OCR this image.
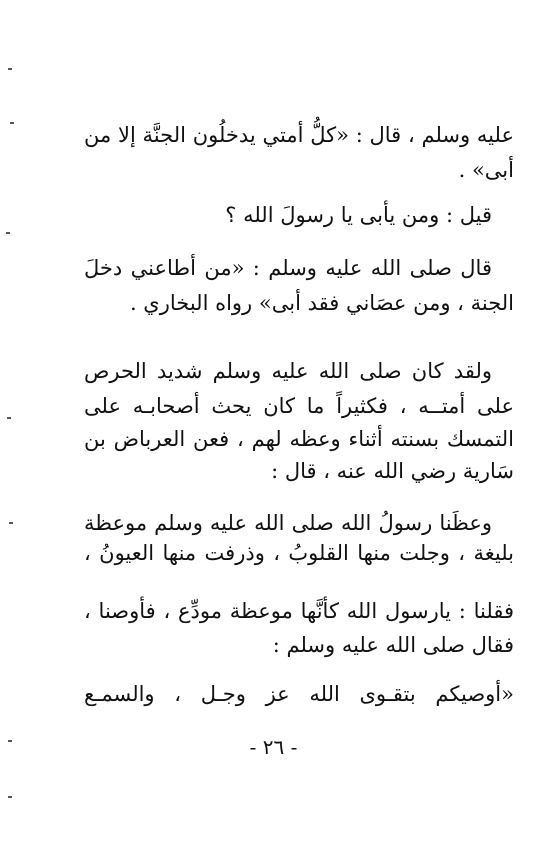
عليه وسلم ، قال : «كلُّ أمتي يدخلُون الجنَّة إلا من
أبى» .
قيل : ومن يأبى يا رسولَ الله ؟
قال صلى الله عليه وسلم : «من أطاعني دخلَ
الجنة ، ومن عصَاني فقد أبى» رواه البخاري .
ولقد كان صلى الله عليه وسلم شديد الحرص
على أمتــه ، فكثيراً ما كان يحث أصحابـه على
التمسك بسنته أثناء وعظه لهم ، فعن العرباض بن
سَارية رضي الله عنه ، قال :
وعظَنا رسولُ الله صلى الله عليه وسلم موعظة
بليغة ، وجلت منها القلوبُ ، وذرفت منها العيونُ ،
فقلنا : يارسول الله كأنَّها موعظة مودِّع ، فأوصنا ،
فقال صلى الله عليه وسلم :
«أوصيكم بتقـوى الله عز وجـل ، والسمـع
- ٢٦ -
